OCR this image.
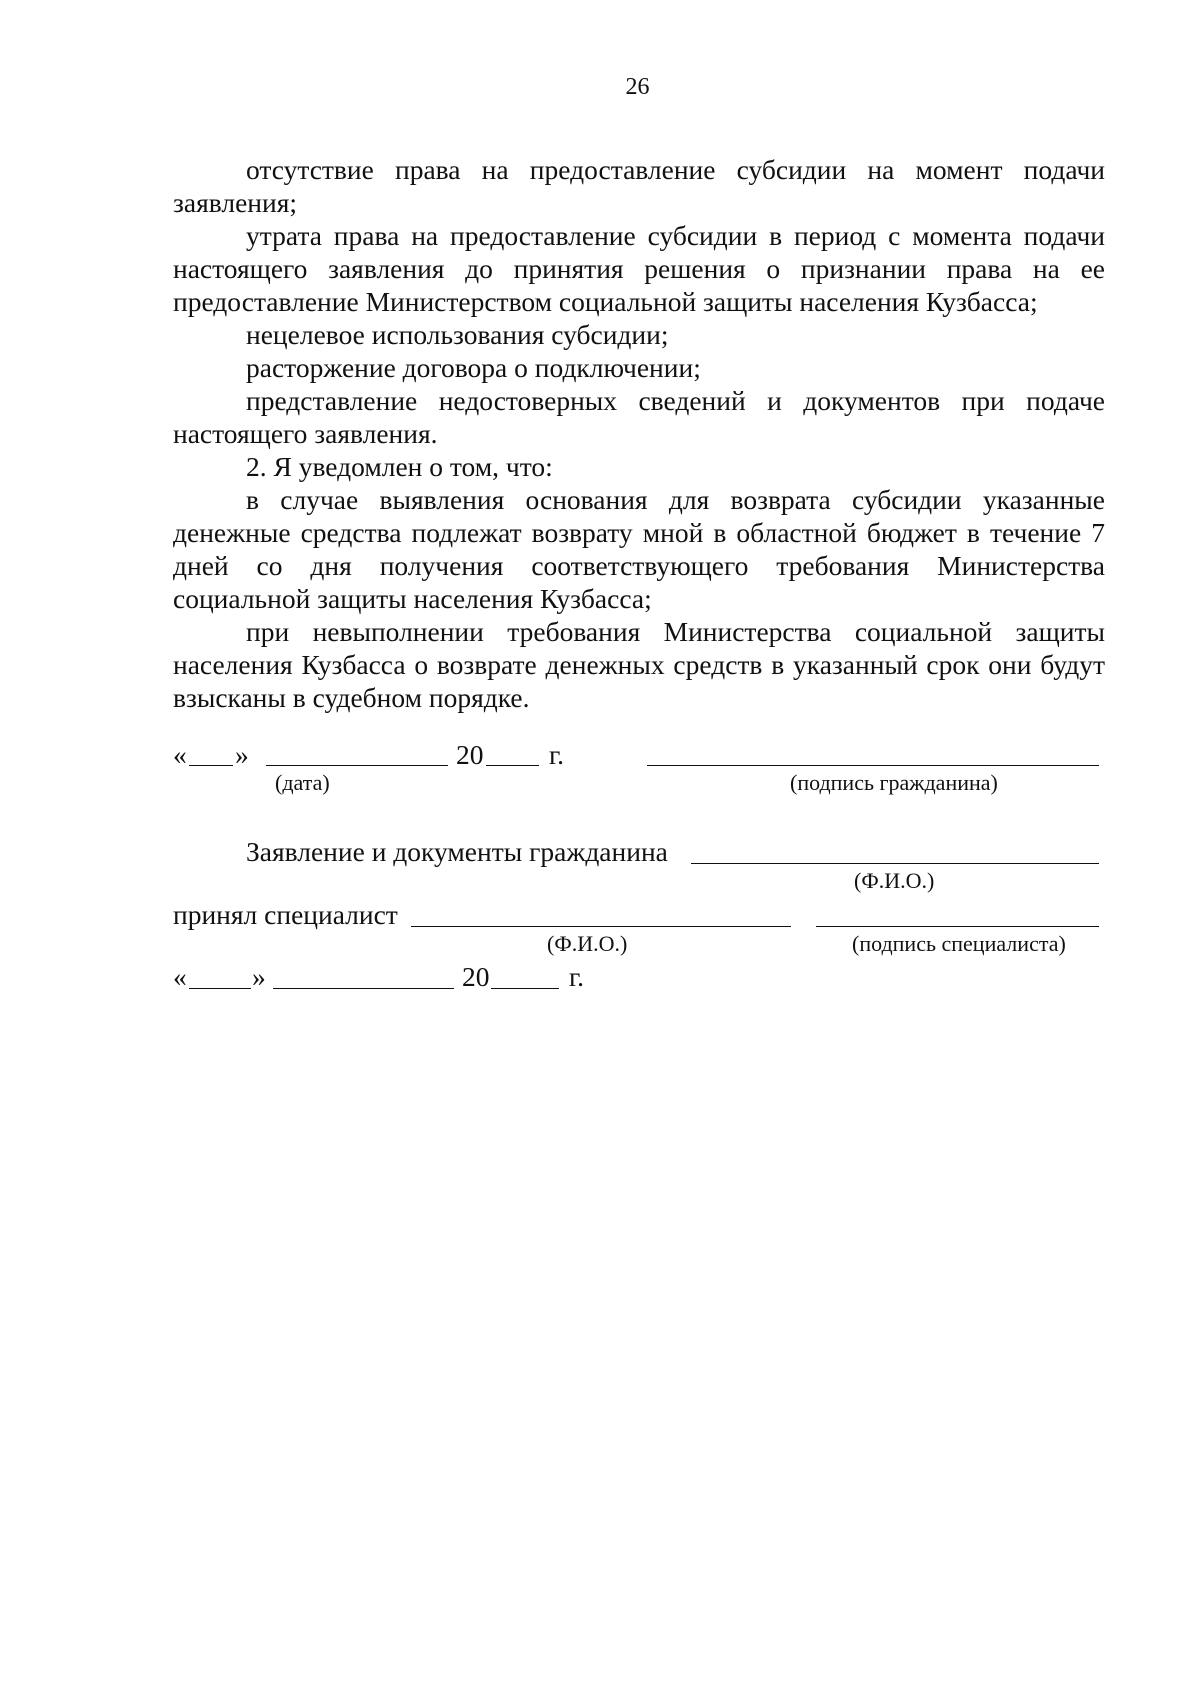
26

отсутствие права на предоставление субсидии на момент подачи заявления;

утрата права на предоставление субсидии в период с момента подачи настоящего заявления до принятия решения о признании права на ее предоставление Министерством социальной защиты населения Кузбасса;

нецелевое использования субсидии;

расторжение договора о подключении;

представление недостоверных сведений и документов при подаче настоящего заявления.

2. Я уведомлен о том, что:

в случае выявления основания для возврата субсидии указанные денежные средства подлежат возврату мной в областной бюджет в течение 7 дней со дня получения соответствующего требования Министерства социальной защиты населения Кузбасса;

при невыполнении требования Министерства социальной защиты населения Кузбасса о возврате денежных средств в указанный срок они будут взысканы в судебном порядке.

« »	20 г.
(дата)	(подпись гражданина)
Заявление и документы гражданина
(Ф.И.О.)
принял специалист
(Ф.И.О.)	(подпись специалиста)
« »	20	г.
